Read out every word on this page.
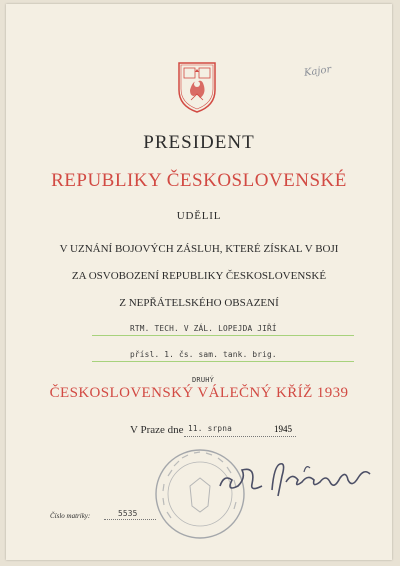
Kajor
PRESIDENT
REPUBLIKY ČESKOSLOVENSKÉ
UDĚLIL
V UZNÁNÍ BOJOVÝCH ZÁSLUH, KTERÉ ZÍSKAL V BOJI
ZA OSVOBOZENÍ REPUBLIKY ČESKOSLOVENSKÉ
Z NEPŘÁTELSKÉHO OBSAZENÍ
RTM. TECH. V ZÁL. LOPEJDA JIŘÍ
přísl. 1. čs. sam. tank. brig.
DRUHÝ
ČESKOSLOVENSKÝ VÁLEČNÝ KŘÍŽ 1939
V Praze dne 11. srpna	1945
Číslo matriky:	5535
